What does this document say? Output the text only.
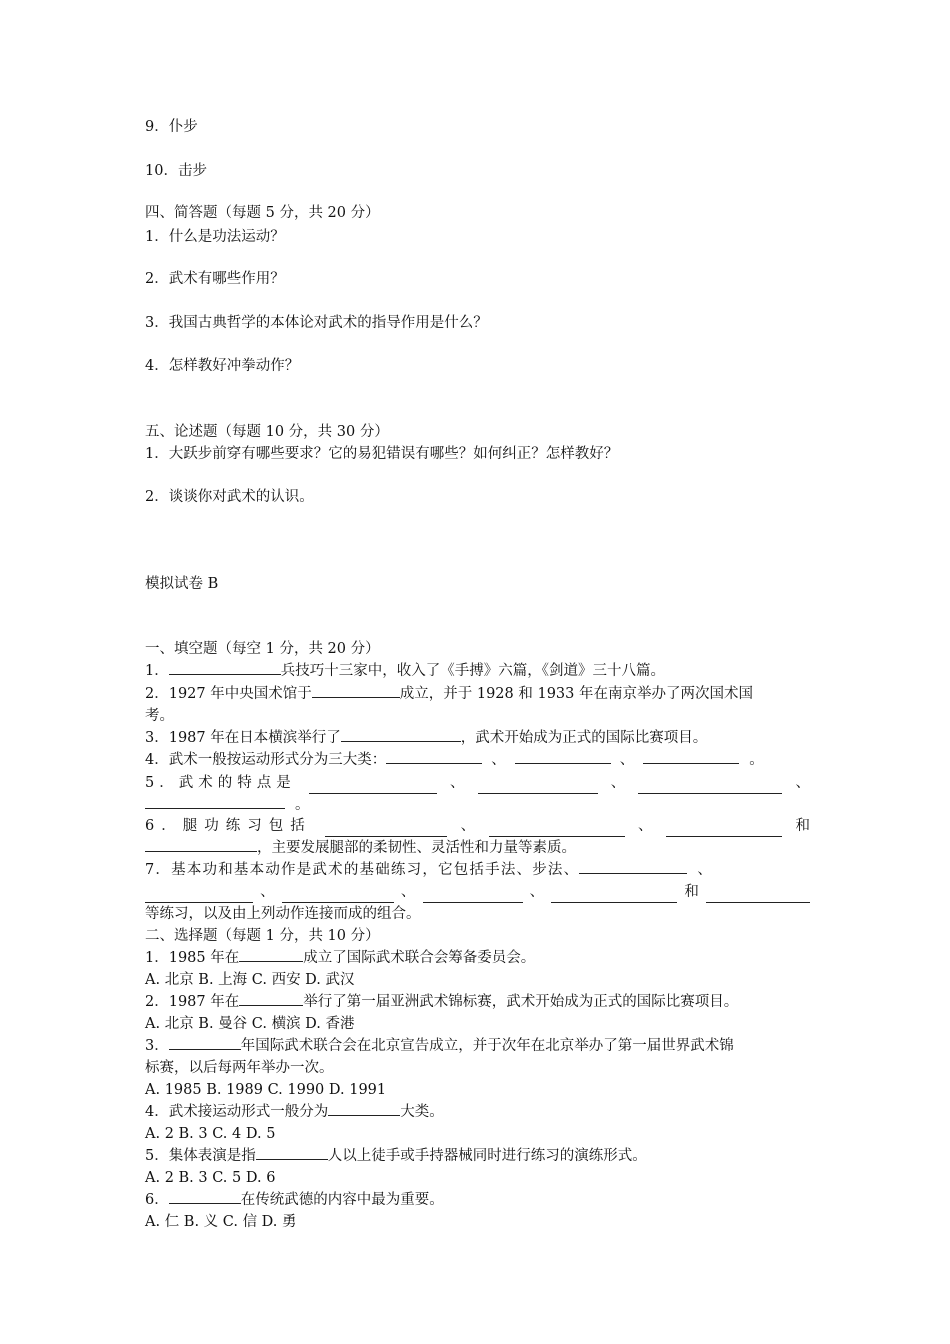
9．仆步
10．击步
四、简答题（每题 5 分，共 20 分）
1．什么是功法运动？
2．武术有哪些作用？
3．我国古典哲学的本体论对武术的指导作用是什么？
4．怎样教好冲拳动作？
五、论述题（每题 10 分，共 30 分）
1．大跃步前穿有哪些要求？它的易犯错误有哪些？如何纠正？怎样教好？
2．谈谈你对武术的认识。
模拟试卷 B
一、填空题（每空 1 分，共 20 分）
1．	兵技巧十三家中，收入了《手搏》六篇，《剑道》三十八篇。
2．1927 年中央国术馆于	成立，并于 1928 和 1933 年在南京举办了两次国术国
考。
3．1987 年在日本横滨举行了	，武术开始成为正式的国际比赛项目。
4．武术一般按运动形式分为三大类：	、	、	。
5．武术的特点是	、	、	、
。
6．腿功练习包括	、	、	和
，主要发展腿部的柔韧性、灵活性和力量等素质。
7．基本功和基本动作是武术的基础练习，它包括手法、步法、	、
、	、	、	和
等练习，以及由上列动作连接而成的组合。
二、选择题（每题 1 分，共 10 分）
1．1985 年在	成立了国际武术联合会筹备委员会。
A. 北京 B. 上海 C. 西安 D. 武汉
2．1987 年在	举行了第一届亚洲武术锦标赛，武术开始成为正式的国际比赛项目。
A. 北京 B. 曼谷 C. 横滨 D. 香港
3．	年国际武术联合会在北京宣告成立，并于次年在北京举办了第一届世界武术锦
标赛，以后每两年举办一次。
A. 1985 B. 1989 C. 1990 D. 1991
4．武术接运动形式一般分为	大类。
A. 2 B. 3 C. 4 D. 5
5．集体表演是指	人以上徒手或手持器械同时进行练习的演练形式。
A. 2 B. 3 C. 5 D. 6
6．	在传统武德的内容中最为重要。
A. 仁 B. 义 C. 信 D. 勇
